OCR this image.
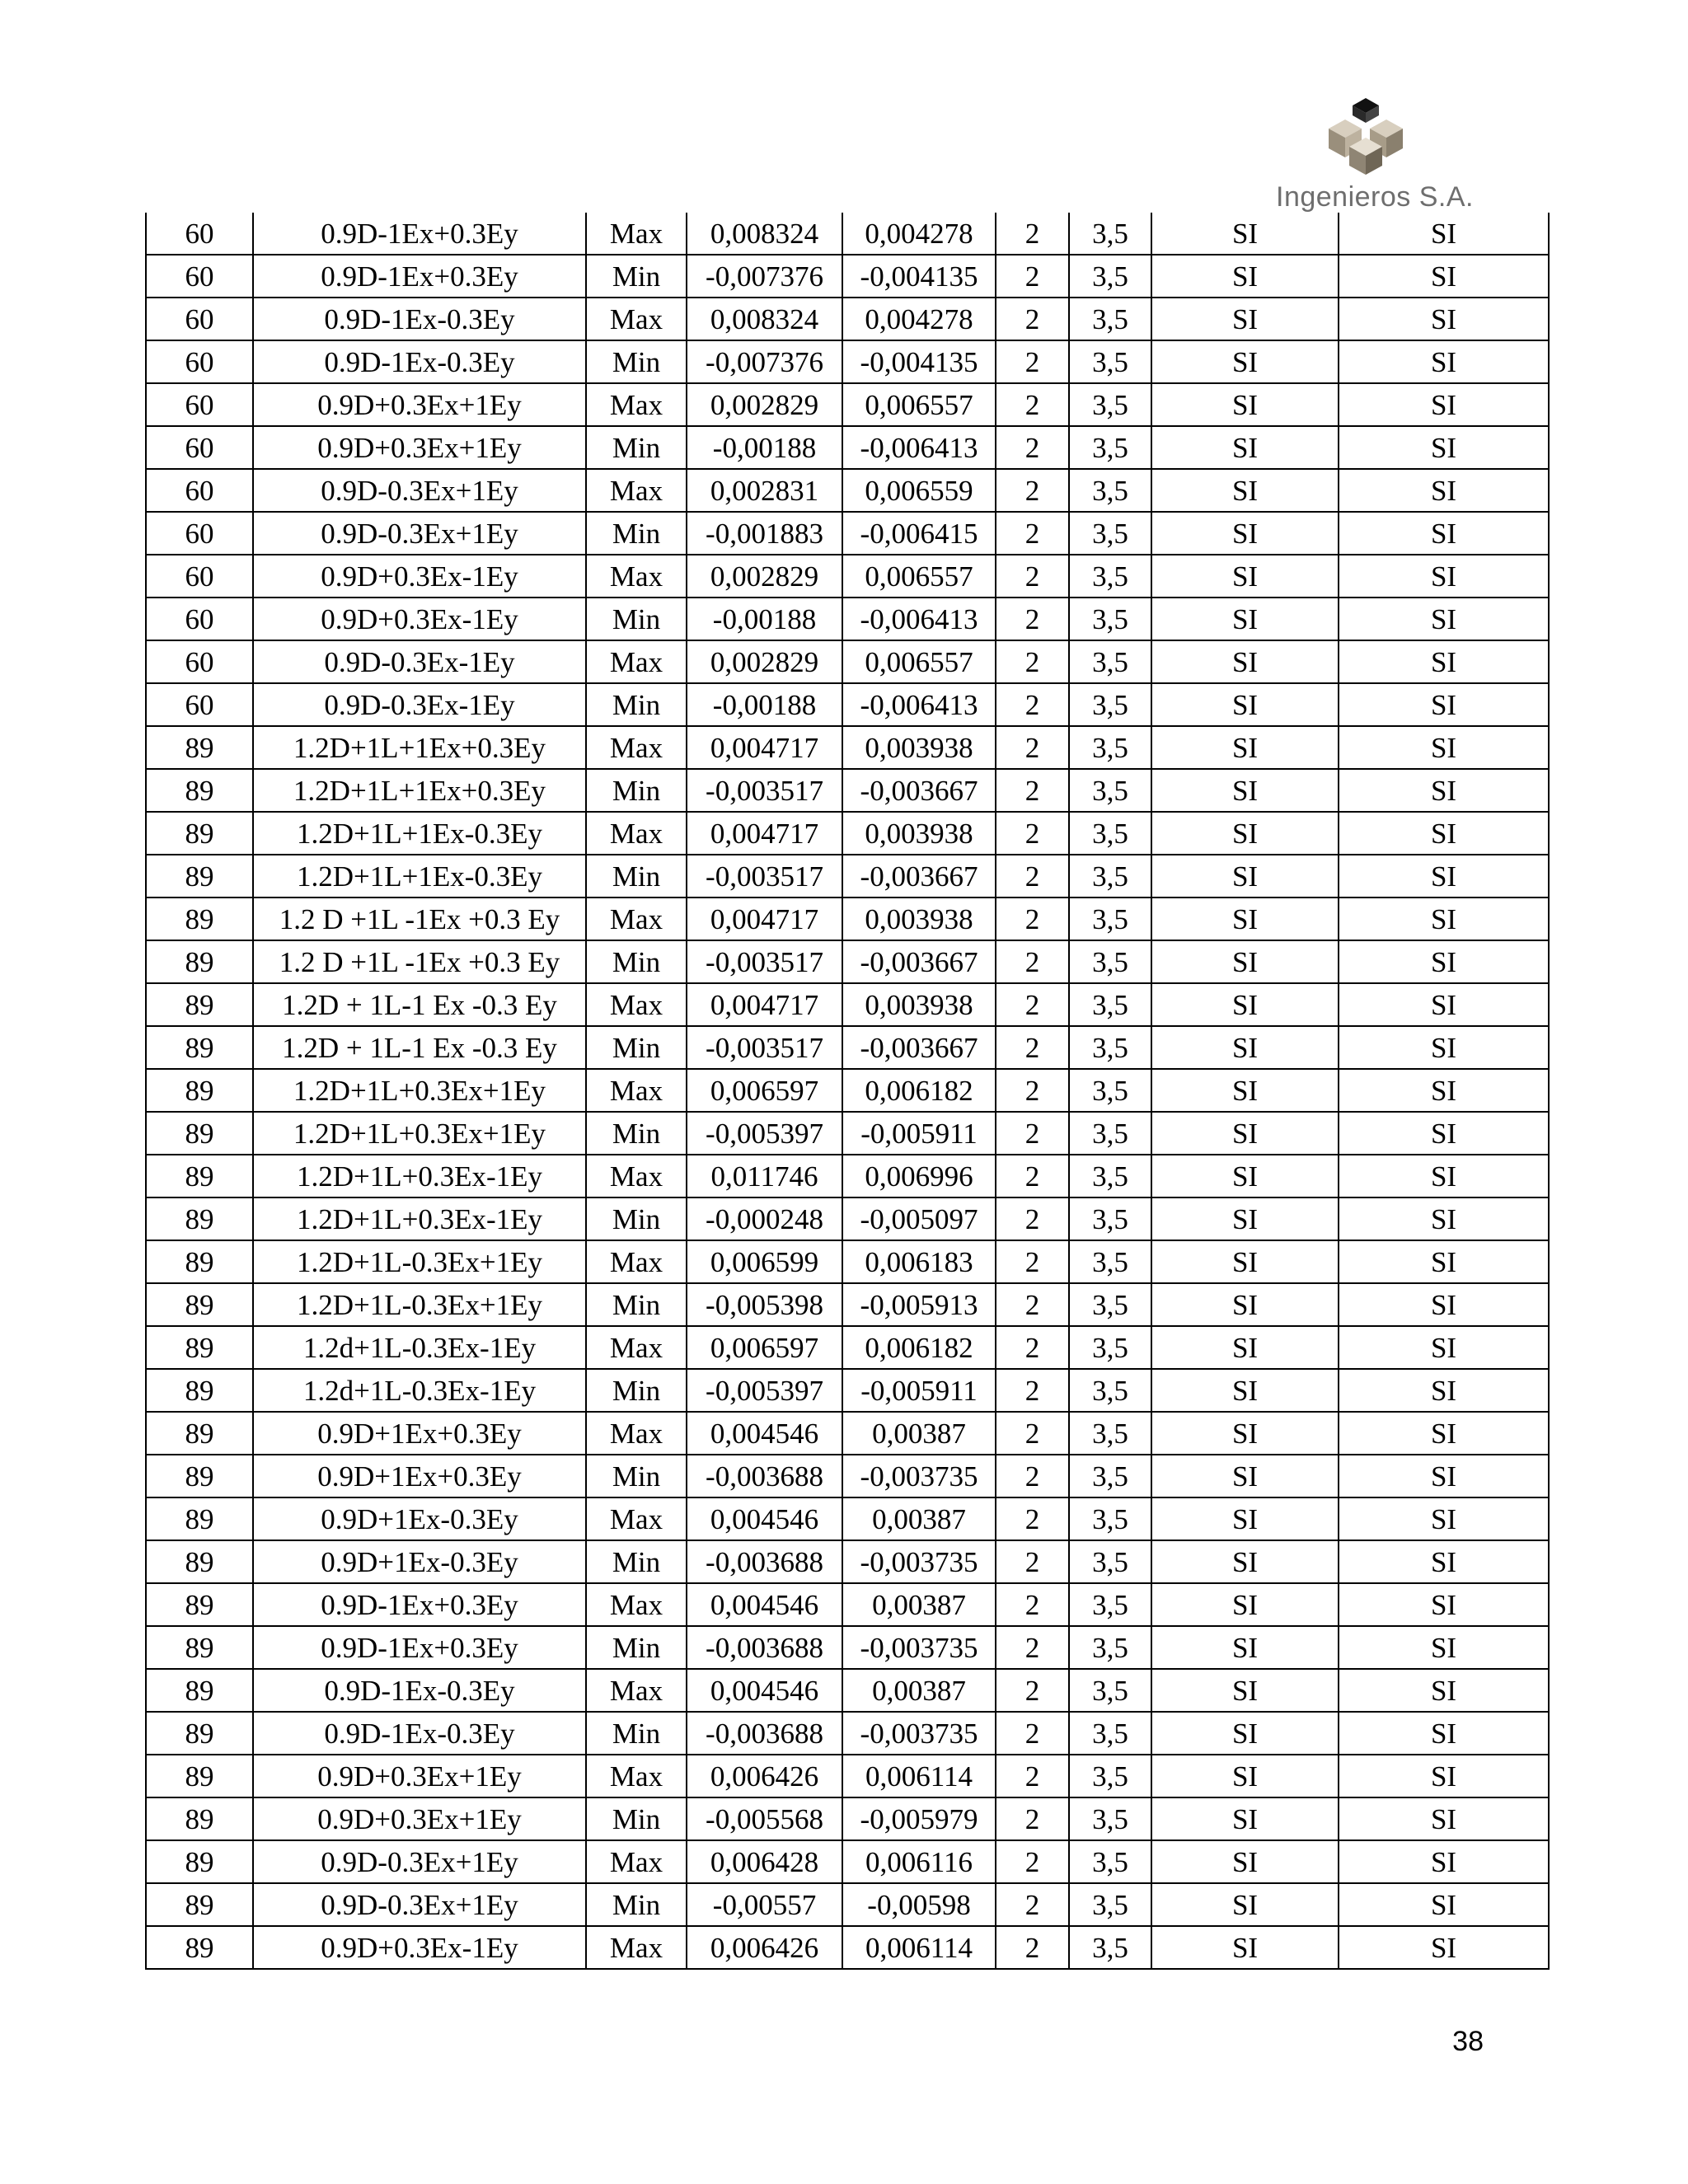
Ingenieros S.A.
60	0.9D-1Ex+0.3Ey	Max	0,008324	0,004278	2	3,5	SI	SI
60	0.9D-1Ex+0.3Ey	Min	-0,007376	-0,004135	2	3,5	SI	SI
60	0.9D-1Ex-0.3Ey	Max	0,008324	0,004278	2	3,5	SI	SI
60	0.9D-1Ex-0.3Ey	Min	-0,007376	-0,004135	2	3,5	SI	SI
60	0.9D+0.3Ex+1Ey	Max	0,002829	0,006557	2	3,5	SI	SI
60	0.9D+0.3Ex+1Ey	Min	-0,00188	-0,006413	2	3,5	SI	SI
60	0.9D-0.3Ex+1Ey	Max	0,002831	0,006559	2	3,5	SI	SI
60	0.9D-0.3Ex+1Ey	Min	-0,001883	-0,006415	2	3,5	SI	SI
60	0.9D+0.3Ex-1Ey	Max	0,002829	0,006557	2	3,5	SI	SI
60	0.9D+0.3Ex-1Ey	Min	-0,00188	-0,006413	2	3,5	SI	SI
60	0.9D-0.3Ex-1Ey	Max	0,002829	0,006557	2	3,5	SI	SI
60	0.9D-0.3Ex-1Ey	Min	-0,00188	-0,006413	2	3,5	SI	SI
89	1.2D+1L+1Ex+0.3Ey	Max	0,004717	0,003938	2	3,5	SI	SI
89	1.2D+1L+1Ex+0.3Ey	Min	-0,003517	-0,003667	2	3,5	SI	SI
89	1.2D+1L+1Ex-0.3Ey	Max	0,004717	0,003938	2	3,5	SI	SI
89	1.2D+1L+1Ex-0.3Ey	Min	-0,003517	-0,003667	2	3,5	SI	SI
89	1.2 D +1L -1Ex +0.3 Ey	Max	0,004717	0,003938	2	3,5	SI	SI
89	1.2 D +1L -1Ex +0.3 Ey	Min	-0,003517	-0,003667	2	3,5	SI	SI
89	1.2D + 1L-1 Ex -0.3 Ey	Max	0,004717	0,003938	2	3,5	SI	SI
89	1.2D + 1L-1 Ex -0.3 Ey	Min	-0,003517	-0,003667	2	3,5	SI	SI
89	1.2D+1L+0.3Ex+1Ey	Max	0,006597	0,006182	2	3,5	SI	SI
89	1.2D+1L+0.3Ex+1Ey	Min	-0,005397	-0,005911	2	3,5	SI	SI
89	1.2D+1L+0.3Ex-1Ey	Max	0,011746	0,006996	2	3,5	SI	SI
89	1.2D+1L+0.3Ex-1Ey	Min	-0,000248	-0,005097	2	3,5	SI	SI
89	1.2D+1L-0.3Ex+1Ey	Max	0,006599	0,006183	2	3,5	SI	SI
89	1.2D+1L-0.3Ex+1Ey	Min	-0,005398	-0,005913	2	3,5	SI	SI
89	1.2d+1L-0.3Ex-1Ey	Max	0,006597	0,006182	2	3,5	SI	SI
89	1.2d+1L-0.3Ex-1Ey	Min	-0,005397	-0,005911	2	3,5	SI	SI
89	0.9D+1Ex+0.3Ey	Max	0,004546	0,00387	2	3,5	SI	SI
89	0.9D+1Ex+0.3Ey	Min	-0,003688	-0,003735	2	3,5	SI	SI
89	0.9D+1Ex-0.3Ey	Max	0,004546	0,00387	2	3,5	SI	SI
89	0.9D+1Ex-0.3Ey	Min	-0,003688	-0,003735	2	3,5	SI	SI
89	0.9D-1Ex+0.3Ey	Max	0,004546	0,00387	2	3,5	SI	SI
89	0.9D-1Ex+0.3Ey	Min	-0,003688	-0,003735	2	3,5	SI	SI
89	0.9D-1Ex-0.3Ey	Max	0,004546	0,00387	2	3,5	SI	SI
89	0.9D-1Ex-0.3Ey	Min	-0,003688	-0,003735	2	3,5	SI	SI
89	0.9D+0.3Ex+1Ey	Max	0,006426	0,006114	2	3,5	SI	SI
89	0.9D+0.3Ex+1Ey	Min	-0,005568	-0,005979	2	3,5	SI	SI
89	0.9D-0.3Ex+1Ey	Max	0,006428	0,006116	2	3,5	SI	SI
89	0.9D-0.3Ex+1Ey	Min	-0,00557	-0,00598	2	3,5	SI	SI
89	0.9D+0.3Ex-1Ey	Max	0,006426	0,006114	2	3,5	SI	SI
38
